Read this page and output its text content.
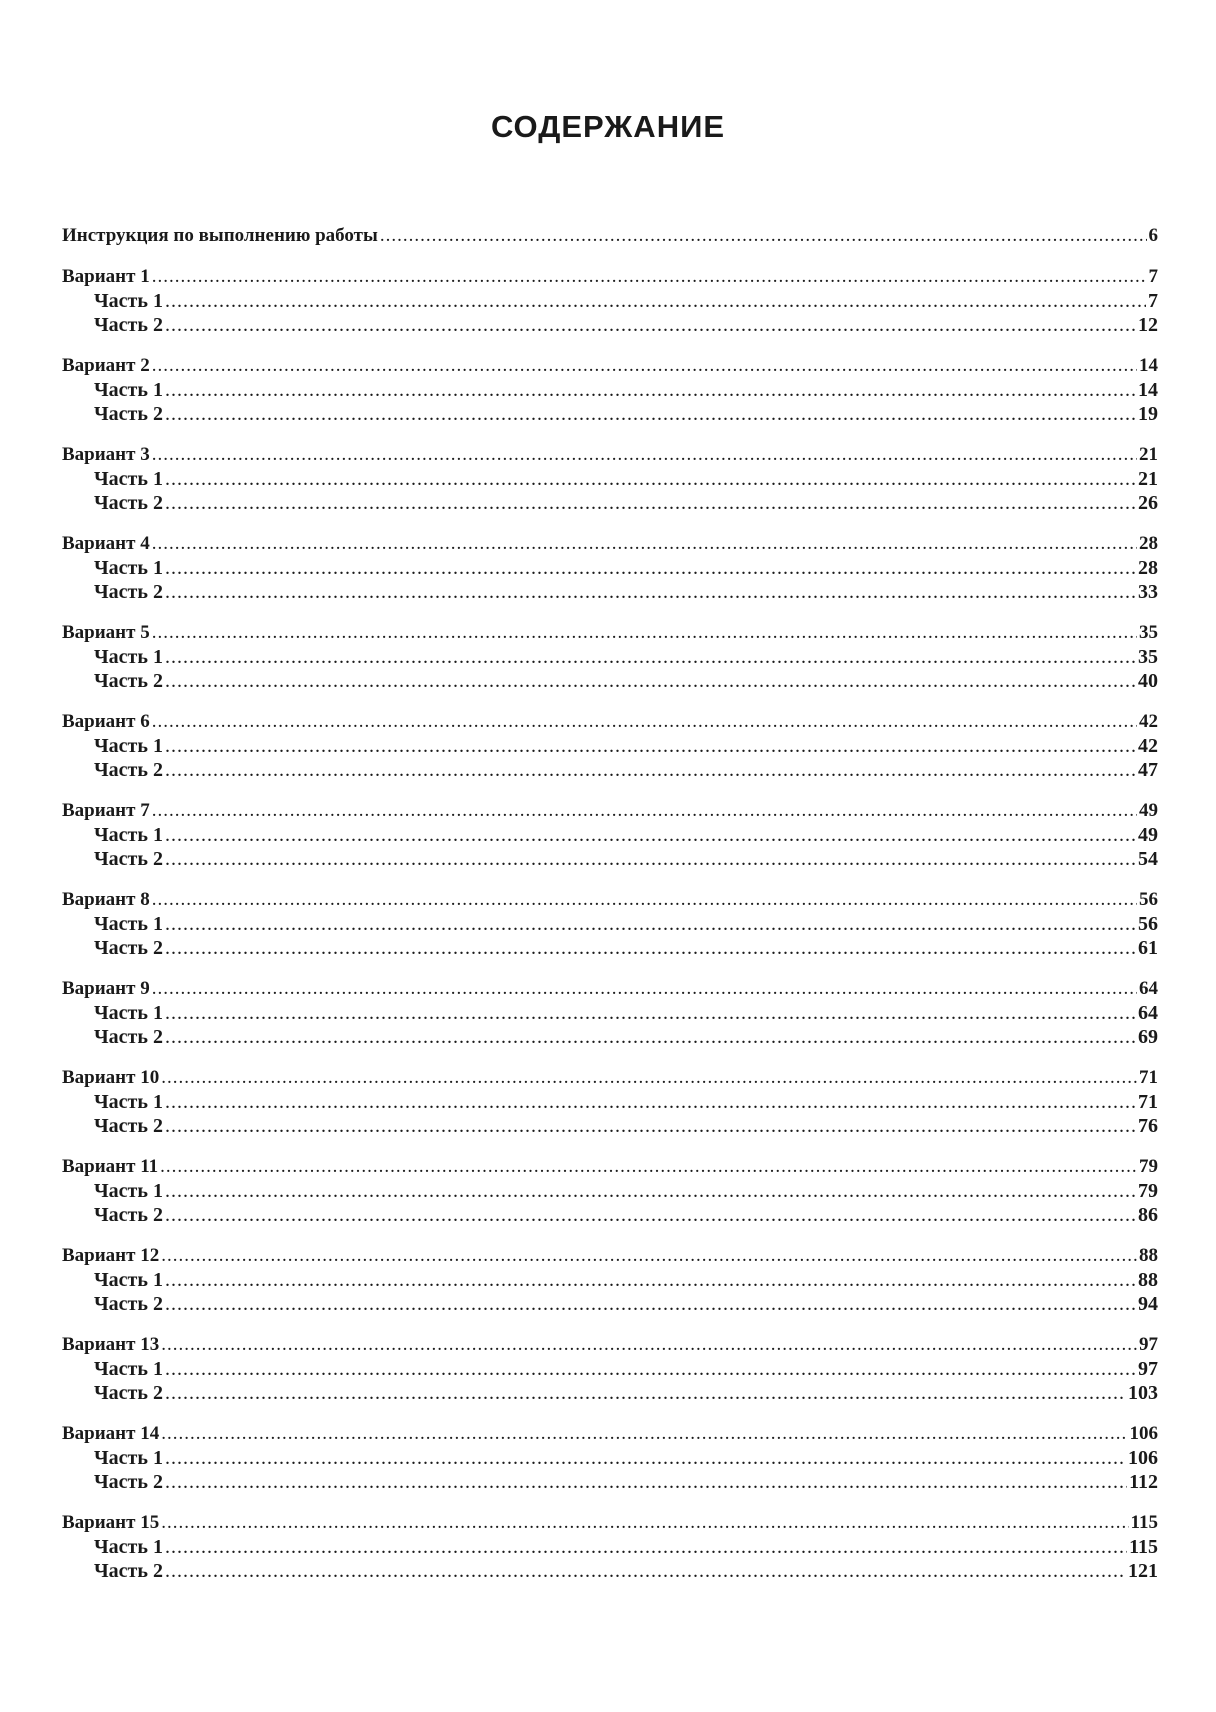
СОДЕРЖАНИЕ
Инструкция по выполнению работы .....	6
Вариант 1 .....	7
Часть 1 .....	7
Часть 2 .....	12
Вариант 2 .....	14
Часть 1 .....	14
Часть 2 .....	19
Вариант 3 .....	21
Часть 1 .....	21
Часть 2 .....	26
Вариант 4 .....	28
Часть 1 .....	28
Часть 2 .....	33
Вариант 5 .....	35
Часть 1 .....	35
Часть 2 .....	40
Вариант 6 .....	42
Часть 1 .....	42
Часть 2 .....	47
Вариант 7 .....	49
Часть 1 .....	49
Часть 2 .....	54
Вариант 8 .....	56
Часть 1 .....	56
Часть 2 .....	61
Вариант 9 .....	64
Часть 1 .....	64
Часть 2 .....	69
Вариант 10 .....	71
Часть 1 .....	71
Часть 2 .....	76
Вариант 11 .....	79
Часть 1 .....	79
Часть 2 .....	86
Вариант 12 .....	88
Часть 1 .....	88
Часть 2 .....	94
Вариант 13 .....	97
Часть 1 .....	97
Часть 2 .....	103
Вариант 14 .....	106
Часть 1 .....	106
Часть 2 .....	112
Вариант 15 .....	115
Часть 1 .....	115
Часть 2 .....	121
